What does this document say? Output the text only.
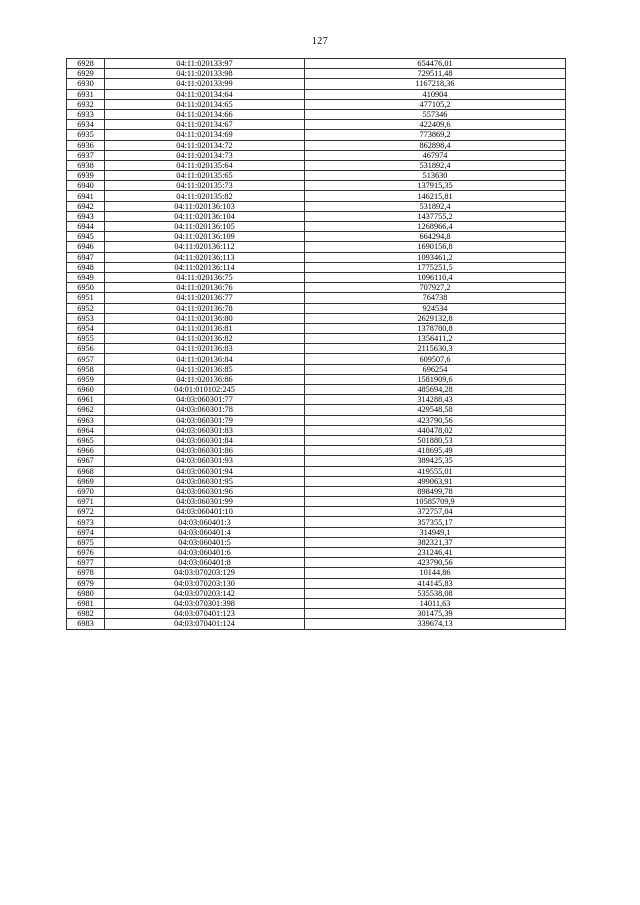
127
6928	04:11:020133:97	654476,01
6929	04:11:020133:98	729511,48
6930	04:11:020133:99	1167218,36
6931	04:11:020134:64	410904
6932	04:11:020134:65	477105,2
6933	04:11:020134:66	557346
6934	04:11:020134:67	422409,6
6935	04:11:020134:69	773869,2
6936	04:11:020134:72	862898,4
6937	04:11:020134:73	467974
6938	04:11:020135:64	531892,4
6939	04:11:020135:65	513630
6940	04:11:020135:73	137915,35
6941	04:11:020135:82	146215,81
6942	04:11:020136:103	531892,4
6943	04:11:020136:104	1437755,2
6944	04:11:020136:105	1268966,4
6945	04:11:020136:109	664294,8
6946	04:11:020136:112	1690156,8
6947	04:11:020136:113	1093461,2
6948	04:11:020136:114	1775251,5
6949	04:11:020136:75	1096110,4
6950	04:11:020136:76	707927,2
6951	04:11:020136:77	764738
6952	04:11:020136:78	924534
6953	04:11:020136:80	2629132,8
6954	04:11:020136:81	1378780,8
6955	04:11:020136:82	1356411,2
6956	04:11:020136:83	2115630,3
6957	04:11:020136:84	609507,6
6958	04:11:020136:85	696254
6959	04:11:020136:86	1581909,6
6960	04:01:010102:245	485694,28
6961	04:03:060301:77	314288,43
6962	04:03:060301:78	429548,58
6963	04:03:060301:79	423790,56
6964	04:03:060301:83	440478,02
6965	04:03:060301:84	501880,53
6966	04:03:060301:86	418695,49
6967	04:03:060301:93	389425,35
6968	04:03:060301:94	419555,01
6969	04:03:060301:95	499063,91
6970	04:03:060301:96	898499,78
6971	04:03:060301:99	10585709,9
6972	04:03:060401:10	372757,04
6973	04:03:060401:3	357355,17
6974	04:03:060401:4	314949,1
6975	04:03:060401:5	382321,37
6976	04:03:060401:6	231246,41
6977	04:03:060401:8	423790,56
6978	04:03:070203:129	10144,86
6979	04:03:070203:130	414145,83
6980	04:03:070203:142	535538,08
6981	04:03:070301:398	14011,63
6982	04:03:070401:123	301475,39
6983	04:03:070401:124	339674,13
